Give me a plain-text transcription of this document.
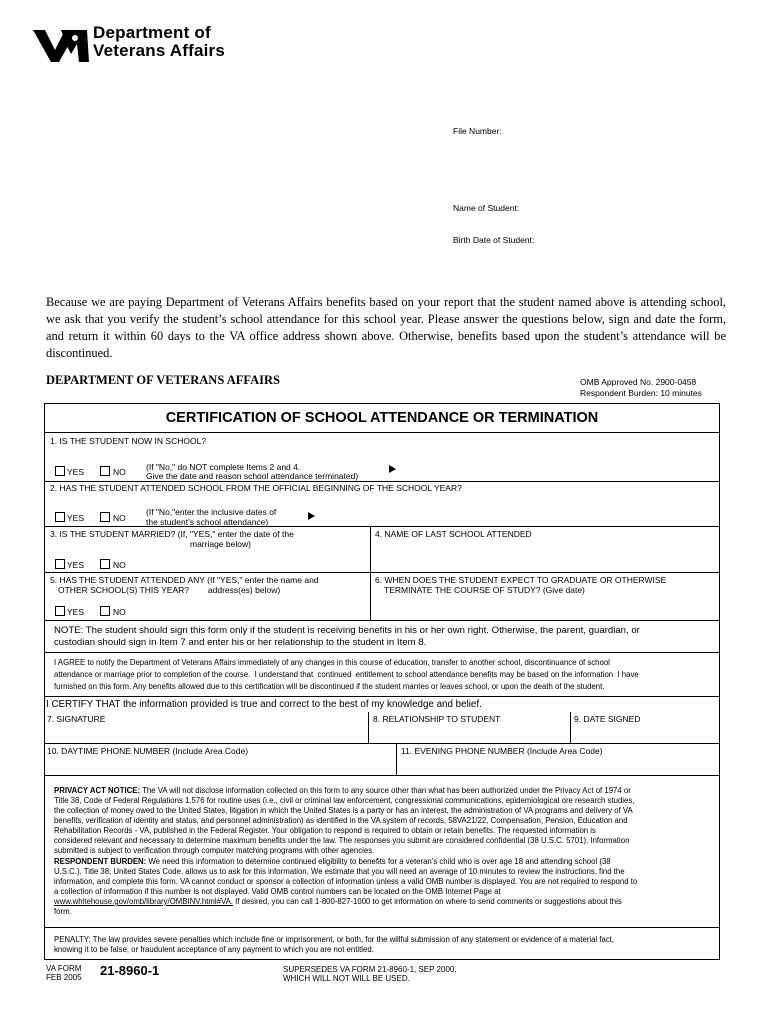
Department of
Veterans Affairs
File Number:
Name of Student:
Birth Date of Student:
Because we are paying Department of Veterans Affairs benefits based on your report that the student named above is attending school, we ask that you verify the student’s school attendance for this school year. Please answer the questions below, sign and date the form, and return it within 60 days to the VA office address shown above. Otherwise, benefits based upon the student’s attendance will be discontinued.
DEPARTMENT OF VETERANS AFFAIRS	OMB Approved No. 2900-0458
Respondent Burden: 10 minutes
CERTIFICATION OF SCHOOL ATTENDANCE OR TERMINATION
1. IS THE STUDENT NOW IN SCHOOL?
YES	NO (If "No," do NOT complete Items 2 and 4.
Give the date and reason school attendance terminated)
2. HAS THE STUDENT ATTENDED SCHOOL FROM THE OFFICIAL BEGINNING OF THE SCHOOL YEAR?
YES	NO
(If "No,"enter the inclusive dates of
the student’s school attendance)
3. IS THE STUDENT MARRIED? (If, "YES," enter the date of the
marriage below)
YES	NO
4. NAME OF LAST SCHOOL ATTENDED
5. HAS THE STUDENT ATTENDED ANY (If "YES," enter the name and
OTHER SCHOOL(S) THIS YEAR?        address(es) below)
YES	NO
6. WHEN DOES THE STUDENT EXPECT TO GRADUATE OR OTHERWISE
TERMINATE THE COURSE OF STUDY? (Give date)
NOTE: The student should sign this form only if the student is receiving benefits in his or her own right. Otherwise, the parent, guardian, or
custodian should sign in Item 7 and enter his or her relationship to the student in Item 8.
I AGREE to notify the Department of Veterans Affairs immediately of any changes in this course of education, transfer to another school, discontinuance of school
attendance or marriage prior to completion of the course.  I understand that  continued  entitlement to school attendance benefits may be based on the information  I have
furnished on this form. Any benefits allowed due to this certification will be discontinued if the student marries or leaves school, or upon the death of the student.
I CERTIFY THAT the information provided is true and correct to the best of my knowledge and belief.
7. SIGNATURE	8. RELATIONSHIP TO STUDENT	9. DATE SIGNED
10. DAYTIME PHONE NUMBER (Include Area Code)	11. EVENING PHONE NUMBER (Include Area Code)
PRIVACY ACT NOTICE: The VA will not disclose information collected on this form to any source other than what has been authorized under the Privacy Act of 1974 or
Title 38, Code of Federal Regulations 1.576 for routine uses (i.e., civil or criminal law enforcement, congressional communications, epidemiological ore research studies,
the collection of money owed to the United States, litigation in which the United States is a party or has an interest, the administration of VA programs and delivery of VA
benefits, verification of identity and status, and personnel administration) as identified in the VA system of records, 58VA21/22, Compensation, Pension, Education and
Rehabilitation Records - VA, published in the Federal Register. Your obligation to respond is required to obtain or retain benefits. The requested information is
considered relevant and necessary to determine maximum benefits under the law. The responses you submit are considered confidential (38 U.S.C. 5701). Information
submitted is subject to verification through computer matching programs with other agencies.
RESPONDENT BURDEN: We need this information to determine continued eligibility to benefits for a veteran’s child who is over age 18 and attending school (38
U.S.C.). Title 38, United States Code, allows us to ask for this information. We estimate that you will need an average of 10 minutes to review the instructions, find the
information, and complete this form. VA cannot conduct or sponsor a collection of information unless a valid OMB number is displayed. You are not required to respond to
a collection of information if this number is not displayed. Valid OMB control numbers can be located on the OMB Internet Page at
www.whitehouse.gov/omb/library/OMBINV.html#VA. If desired, you can call 1-800-827-1000 to get information on where to send comments or suggestions about this
form.
PENALTY: The law provides severe penalties which include fine or imprisonment, or both, for the willful submission of any statement or evidence of a material fact,
knowing it to be false, or fraudulent acceptance of any payment to which you are not entitled.
VA FORM
FEB 2005 21-8960-1	SUPERSEDES VA FORM 21-8960-1, SEP 2000,
WHICH WILL NOT WILL BE USED.
